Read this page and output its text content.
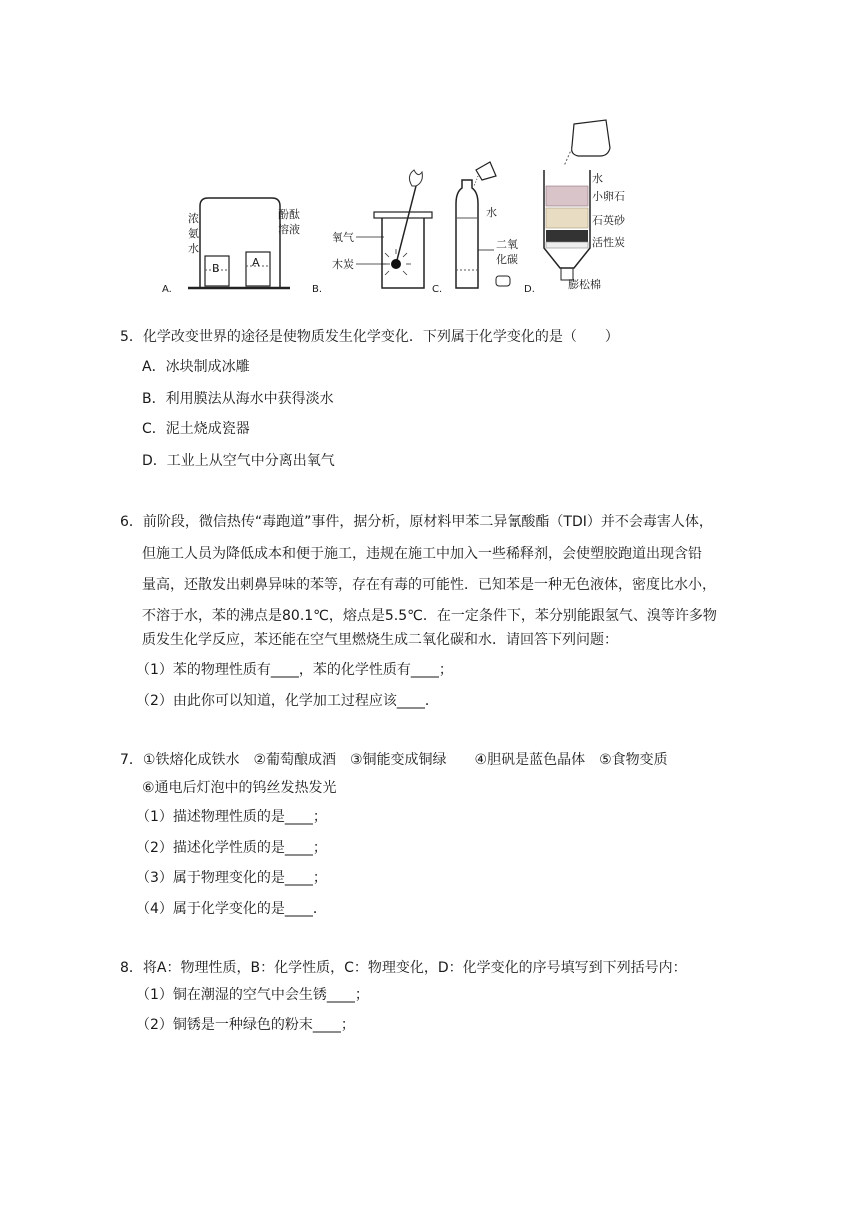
A.
B	A
浓
氨
水
酚酞
溶液
B.
氧气
木炭
C.
水
二氧
化碳
D.
水
小卵石
石英砂
活性炭
膨松棉
5．化学改变世界的途径是使物质发生化学变化．下列属于化学变化的是（　　）
A．冰块制成冰雕
B．利用膜法从海水中获得淡水
C．泥土烧成瓷器
D．工业上从空气中分离出氧气
6．前阶段，微信热传“毒跑道”事件，据分析，原材料甲苯二异氰酸酯（TDI）并不会毒害人体，
但施工人员为降低成本和便于施工，违规在施工中加入一些稀释剂，会使塑胶跑道出现含铅
量高，还散发出刺鼻异味的苯等，存在有毒的可能性．已知苯是一种无色液体，密度比水小，
不溶于水，苯的沸点是80.1℃，熔点是5.5℃．在一定条件下，苯分别能跟氢气、溴等许多物
质发生化学反应，苯还能在空气里燃烧生成二氧化碳和水．请回答下列问题：
（1）苯的物理性质有____，苯的化学性质有____；
（2）由此你可以知道，化学加工过程应该____．
7．①铁熔化成铁水　②葡萄酿成酒　③铜能变成铜绿　　④胆矾是蓝色晶体　⑤食物变质
⑥通电后灯泡中的钨丝发热发光
（1）描述物理性质的是____；
（2）描述化学性质的是____；
（3）属于物理变化的是____；
（4）属于化学变化的是____．
8．将A：物理性质，B：化学性质，C：物理变化，D：化学变化的序号填写到下列括号内：
（1）铜在潮湿的空气中会生锈____；
（2）铜锈是一种绿色的粉末____；
